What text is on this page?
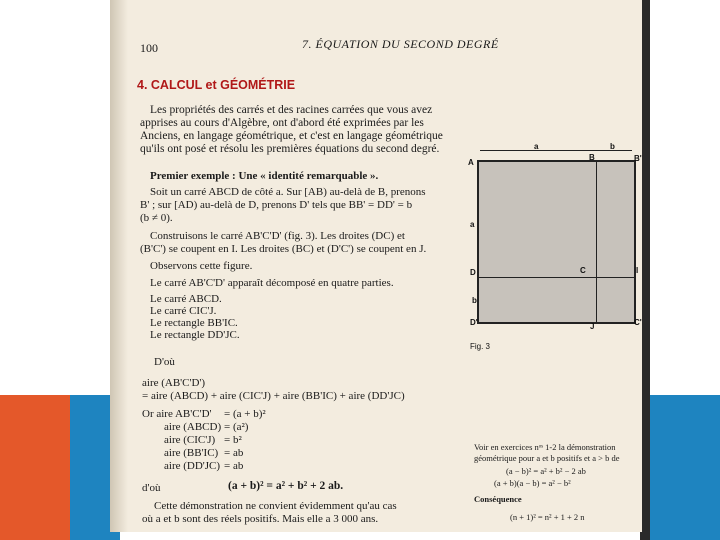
100	7. ÉQUATION DU SECOND DEGRÉ
4. CALCUL et GÉOMÉTRIE
Les propriétés des carrés et des racines carrées que vous avez
apprises au cours d'Algèbre, ont d'abord été exprimées par les
Anciens, en langage géométrique, et c'est en langage géométrique
qu'ils ont posé et résolu les premières équations du second degré.
Premier exemple : Une « identité remarquable ».
Soit un carré ABCD de côté a. Sur [AB) au-delà de B, prenons
B' ; sur [AD) au-delà de D, prenons D' tels que BB' = DD' = b
(b ≠ 0).
Construisons le carré AB'C'D' (fig. 3). Les droites (DC) et
(B'C') se coupent en I. Les droites (BC) et (D'C') se coupent en J.
Observons cette figure.
Le carré AB'C'D' apparaît décomposé en quatre parties.
Le carré ABCD.
Le carré CIC'J.
Le rectangle BB'IC.
Le rectangle DD'JC.
D'où
aire (AB'C'D')
= aire (ABCD) + aire (CIC'J) + aire (BB'IC) + aire (DD'JC)
Or aire AB'C'D' = (a + b)²
aire (ABCD) = (a²)
aire (CIC'J) = b²
aire (BB'IC) = ab
aire (DD'JC) = ab
d'où	(a + b)² = a² + b² + 2 ab.
Cette démonstration ne convient évidemment qu'au cas
où a et b sont des réels positifs. Mais elle a 3 000 ans.
a	b
A
B	B'
D	C	I
a
b
D'	J	C'
Fig. 3
Voir en exercices nᵒˢ 1-2 la démonstration
géométrique pour a et b positifs et a > b de
(a − b)² = a² + b² − 2 ab
(a + b)(a − b) = a² − b²
Conséquence
(n + 1)² = n² + 1 + 2 n
